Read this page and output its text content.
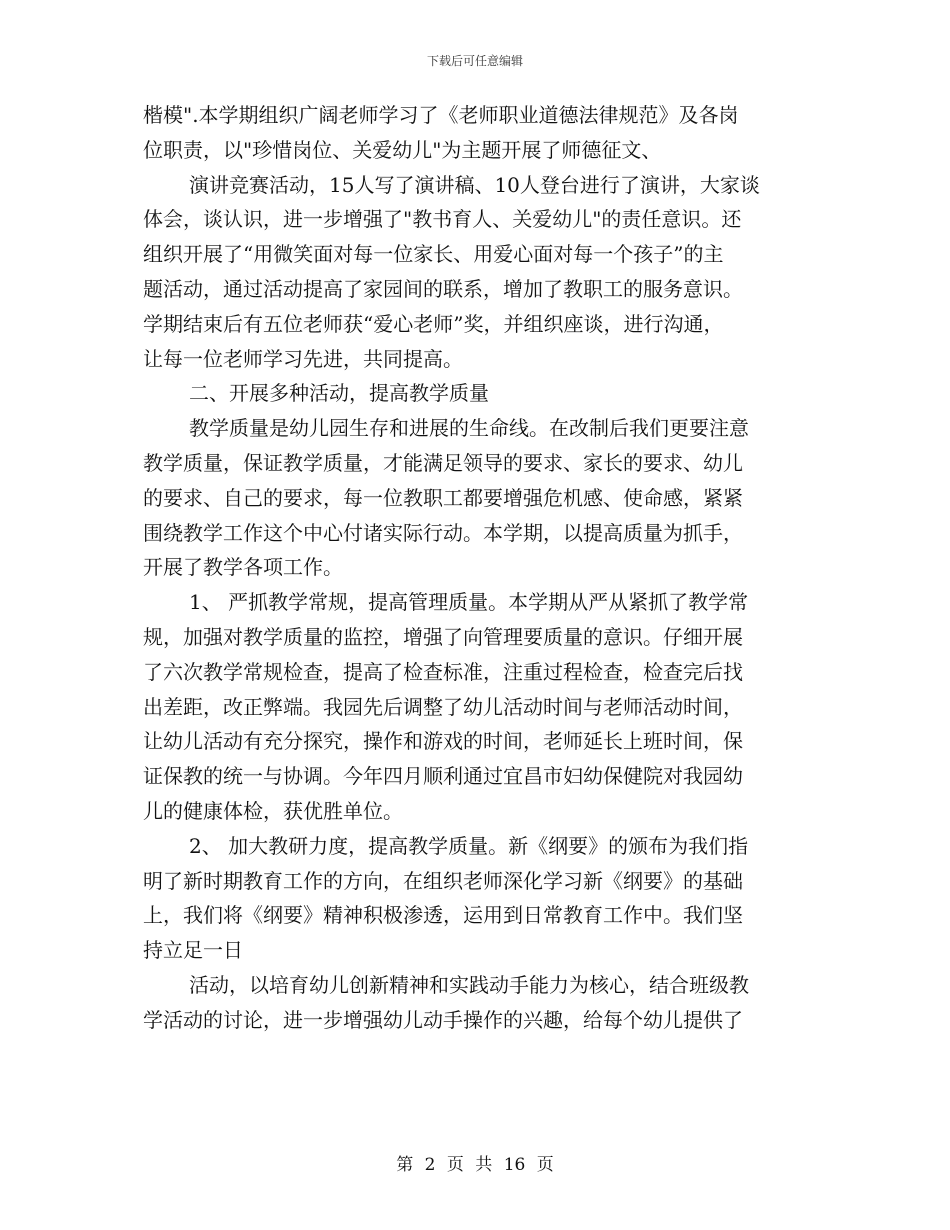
下载后可任意编辑
楷模".本学期组织广阔老师学习了《老师职业道德法律规范》及各岗
位职责，以"珍惜岗位、关爱幼儿"为主题开展了师德征文、
演讲竞赛活动，15人写了演讲稿、10人登台进行了演讲，大家谈
体会，谈认识，进一步增强了"教书育人、关爱幼儿"的责任意识。还
组织开展了“用微笑面对每一位家长、用爱心面对每一个孩子”的主
题活动，通过活动提高了家园间的联系，增加了教职工的服务意识。
学期结束后有五位老师获“爱心老师”奖，并组织座谈，进行沟通，
让每一位老师学习先进，共同提高。
二、开展多种活动，提高教学质量
教学质量是幼儿园生存和进展的生命线。在改制后我们更要注意
教学质量，保证教学质量，才能满足领导的要求、家长的要求、幼儿
的要求、自己的要求，每一位教职工都要增强危机感、使命感，紧紧
围绕教学工作这个中心付诸实际行动。本学期，以提高质量为抓手，
开展了教学各项工作。
1、 严抓教学常规，提高管理质量。本学期从严从紧抓了教学常
规，加强对教学质量的监控，增强了向管理要质量的意识。仔细开展
了六次教学常规检查，提高了检查标准，注重过程检查，检查完后找
出差距，改正弊端。我园先后调整了幼儿活动时间与老师活动时间，
让幼儿活动有充分探究，操作和游戏的时间，老师延长上班时间，保
证保教的统一与协调。今年四月顺利通过宜昌市妇幼保健院对我园幼
儿的健康体检，获优胜单位。
2、 加大教研力度，提高教学质量。新《纲要》的颁布为我们指
明了新时期教育工作的方向，在组织老师深化学习新《纲要》的基础
上，我们将《纲要》精神积极渗透，运用到日常教育工作中。我们坚
持立足一日
活动，以培育幼儿创新精神和实践动手能力为核心，结合班级教
学活动的讨论，进一步增强幼儿动手操作的兴趣，给每个幼儿提供了
第 2 页 共 16 页
